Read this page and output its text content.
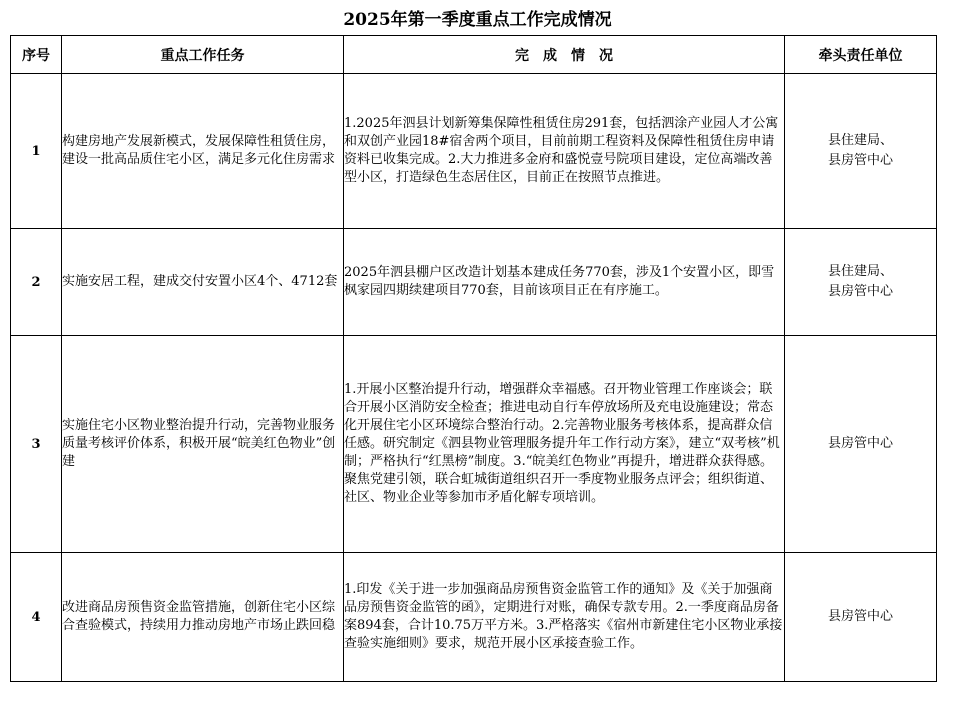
2025年第一季度重点工作完成情况
序号	重点工作任务	完　成　情　况	牵头责任单位
1	构建房地产发展新模式，发展保障性租赁住房，建设一批高品质住宅小区，满足多元化住房需求	1.2025年泗县计划新筹集保障性租赁住房291套，包括泗涂产业园人才公寓和双创产业园18#宿舍两个项目，目前前期工程资料及保障性租赁住房申请资料已收集完成。2.大力推进多金府和盛悦壹号院项目建设，定位高端改善型小区，打造绿色生态居住区，目前正在按照节点推进。	县住建局、
县房管中心

2	实施安居工程，建成交付安置小区4个、4712套	2025年泗县棚户区改造计划基本建成任务770套，涉及1个安置小区，即雪枫家园四期续建项目770套，目前该项目正在有序施工。	县住建局、
县房管中心

3	实施住宅小区物业整治提升行动，完善物业服务质量考核评价体系，积极开展“皖美红色物业”创建	1.开展小区整治提升行动，增强群众幸福感。召开物业管理工作座谈会；联合开展小区消防安全检查；推进电动自行车停放场所及充电设施建设；常态化开展住宅小区环境综合整治行动。2.完善物业服务考核体系，提高群众信任感。研究制定《泗县物业管理服务提升年工作行动方案》，建立“双考核”机制；严格执行“红黑榜”制度。3.“皖美红色物业”再提升，增进群众获得感。聚焦党建引领，联合虹城街道组织召开一季度物业服务点评会；组织街道、社区、物业企业等参加市矛盾化解专项培训。	县房管中心

4	改进商品房预售资金监管措施，创新住宅小区综合查验模式，持续用力推动房地产市场止跌回稳	1.印发《关于进一步加强商品房预售资金监管工作的通知》及《关于加强商品房预售资金监管的函》，定期进行对账，确保专款专用。2.一季度商品房备案894套，合计10.75万平方米。3.严格落实《宿州市新建住宅小区物业承接查验实施细则》要求，规范开展小区承接查验工作。	县房管中心
